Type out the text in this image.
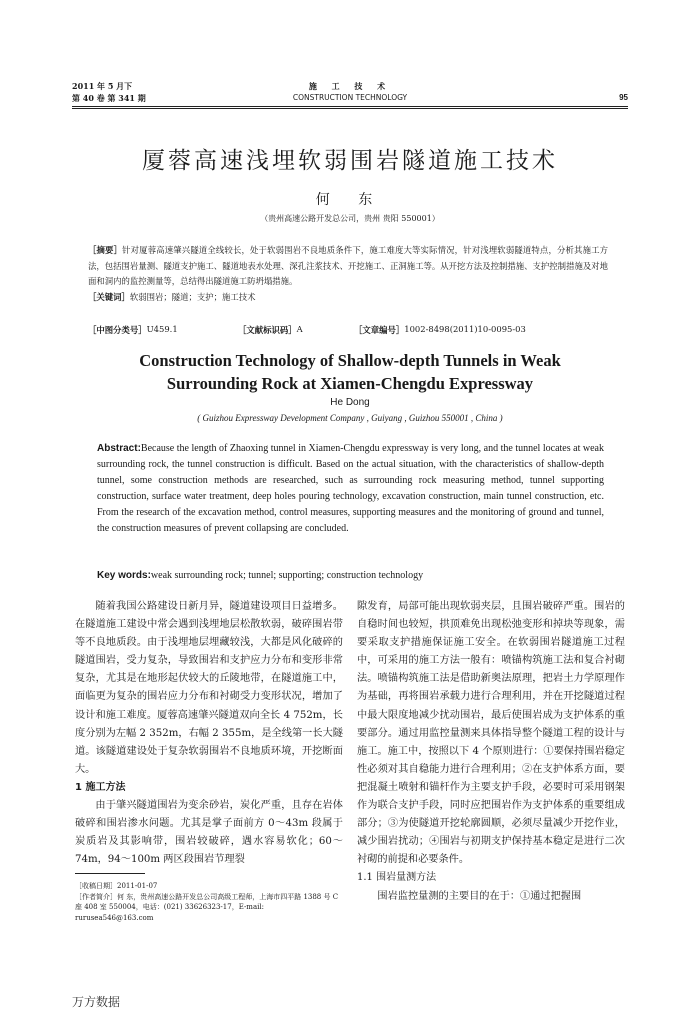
2011 年 5 月下
第 40 卷 第 341 期
施 工 技 术
CONSTRUCTION TECHNOLOGY	95
厦蓉高速浅埋软弱围岩隧道施工技术
何 东
（贵州高速公路开发总公司，贵州 贵阳 550001）
［摘要］针对厦蓉高速肇兴隧道全线较长，处于软弱围岩不良地质条件下，施工难度大等实际情况，针对浅埋软弱隧道特点，分析其施工方法，包括围岩量测、隧道支护施工、隧道地表水处理、深孔注浆技术、开挖施工、正洞施工等。从开挖方法及控制措施、支护控制措施及对地面和洞内的监控测量等，总结得出隧道施工防坍塌措施。
［关键词］软弱围岩；隧道；支护；施工技术
［中图分类号］ U459.1	［文献标识码］ A	［文章编号］ 1002-8498(2011)10-0095-03
Construction Technology of Shallow-depth Tunnels in Weak
Surrounding Rock at Xiamen-Chengdu Expressway
He Dong
( Guizhou Expressway Development Company , Guiyang , Guizhou 550001 , China )
Abstract:Because the length of Zhaoxing tunnel in Xiamen-Chengdu expressway is very long, and the tunnel locates at weak surrounding rock, the tunnel construction is difficult. Based on the actual situation, with the characteristics of shallow-depth tunnel, some construction methods are researched, such as surrounding rock measuring method, tunnel supporting construction, surface water treatment, deep holes pouring technology, excavation construction, main tunnel construction, etc. From the research of the excavation method, control measures, supporting measures and the monitoring of ground and tunnel, the construction measures of prevent collapsing are concluded.
Key words:weak surrounding rock; tunnel; supporting; construction technology

随着我国公路建设日新月异，隧道建设项目日益增多。在隧道施工建设中常会遇到浅埋地层松散软弱，破碎围岩带等不良地质段。由于浅埋地层埋藏较浅，大都是风化破碎的隧道围岩，受力复杂，导致围岩和支护应力分布和变形非常复杂，尤其是在地形起伏较大的丘陵地带，在隧道施工中，面临更为复杂的围岩应力分布和衬砌受力变形状况，增加了设计和施工难度。厦蓉高速肇兴隧道双向全长 4 752m，长度分别为左幅 2 352m，右幅 2 355m，是全线第一长大隧道。该隧道建设处于复杂软弱围岩不良地质环境，开挖断面大。

1 施工方法

由于肇兴隧道围岩为变余砂岩，炭化严重，且存在岩体破碎和围岩渗水问题。尤其是掌子面前方 0～43m 段属于炭质岩及其影响带，围岩较破碎，遇水容易软化；60～74m，94～100m 两区段围岩节理裂

［收稿日期］2011-01-07
［作者简介］何 东，贵州高速公路开发总公司高级工程师，上海市四平路 1388 号 C 座 408 室 550004，电话：(021) 33626323-17，E-mail: rurusea546@163.com

隙发育，局部可能出现软弱夹层，且围岩破碎严重。围岩的自稳时间也较短，拱顶难免出现松弛变形和掉块等现象，需要采取支护措施保证施工安全。在软弱围岩隧道施工过程中，可采用的施工方法一般有：喷锚构筑施工法和复合衬砌法。喷锚构筑施工法是借助新奥法原理，把岩土力学原理作为基础，再将围岩承载力进行合理利用，并在开挖隧道过程中最大限度地减少扰动围岩，最后使围岩成为支护体系的重要部分。通过用监控量测来具体指导整个隧道工程的设计与施工。施工中，按照以下 4 个原则进行：①要保持围岩稳定性必须对其自稳能力进行合理利用；②在支护体系方面，要把混凝土喷射和锚杆作为主要支护手段，必要时可采用钢架作为联合支护手段，同时应把围岩作为支护体系的重要组成部分；③为使隧道开挖轮廓圆顺，必须尽量减少开挖作业，减少围岩扰动；④围岩与初期支护保持基本稳定是进行二次衬砌的前提和必要条件。

1.1 围岩量测方法

围岩监控量测的主要目的在于：①通过把握围

万方数据
